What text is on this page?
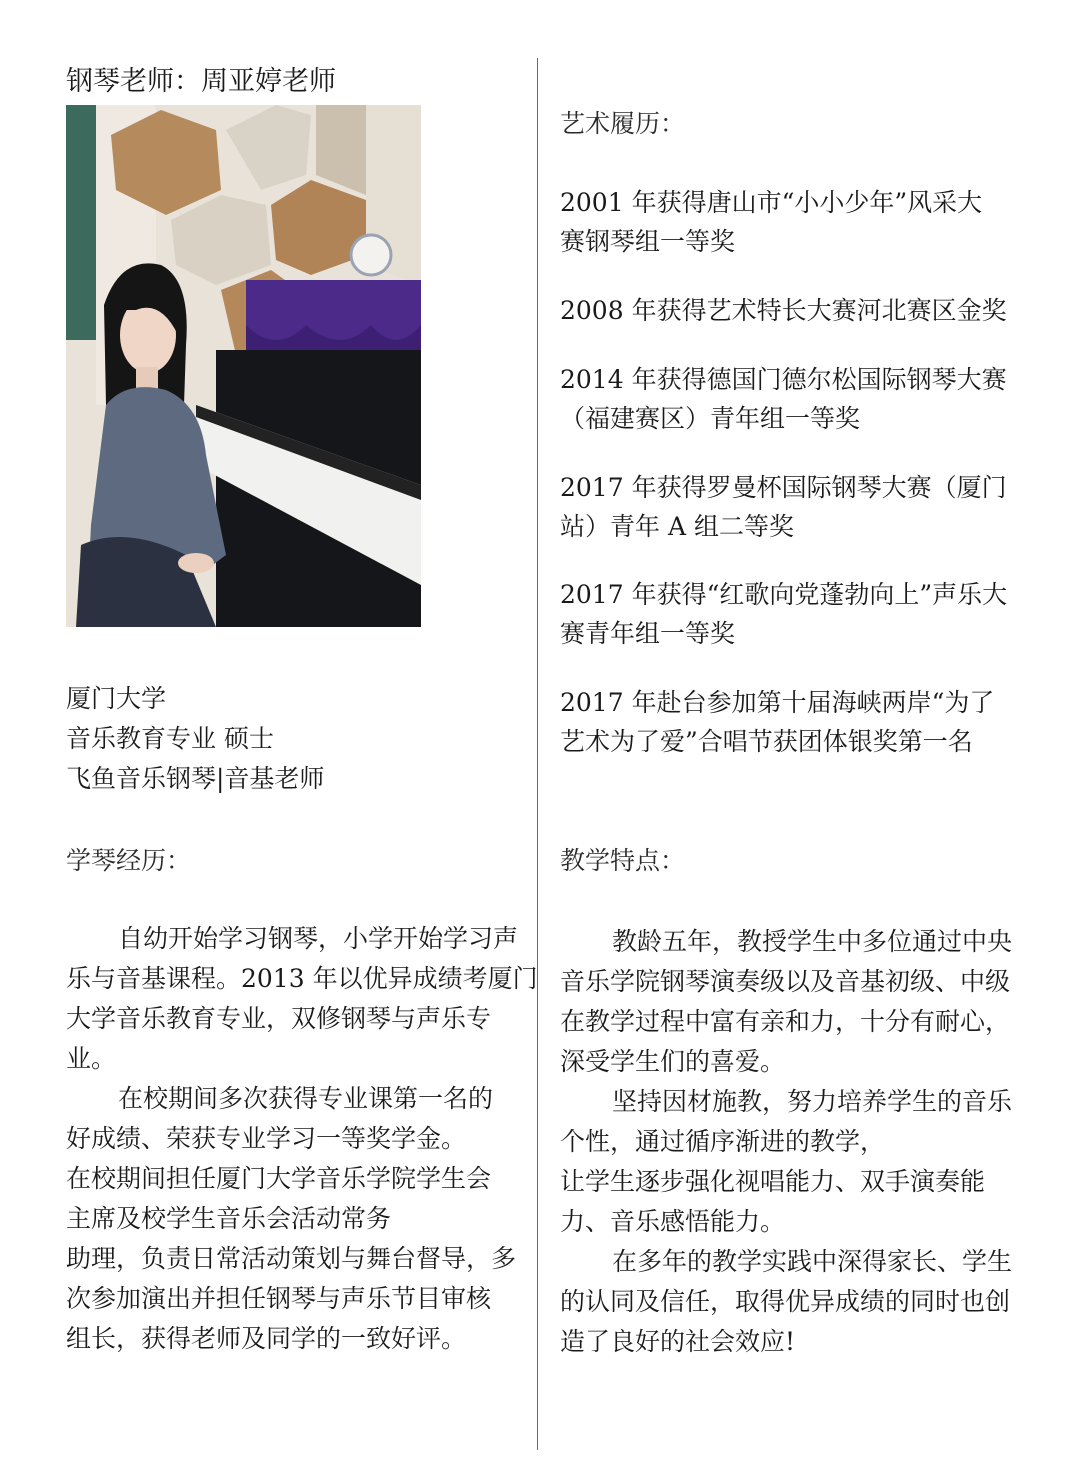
钢琴老师：周亚婷老师
厦门大学
音乐教育专业 硕士
飞鱼音乐钢琴|音基老师
学琴经历：
自幼开始学习钢琴，小学开始学习声
乐与音基课程。2013 年以优异成绩考厦门
大学音乐教育专业，双修钢琴与声乐专
业。
在校期间多次获得专业课第一名的
好成绩、荣获专业学习一等奖学金。
在校期间担任厦门大学音乐学院学生会
主席及校学生音乐会活动常务
助理，负责日常活动策划与舞台督导，多
次参加演出并担任钢琴与声乐节目审核
组长，获得老师及同学的一致好评。
艺术履历：
2001 年获得唐山市“小小少年”风采大
赛钢琴组一等奖
2008 年获得艺术特长大赛河北赛区金奖
2014 年获得德国门德尔松国际钢琴大赛
（福建赛区）青年组一等奖
2017 年获得罗曼杯国际钢琴大赛（厦门
站）青年 A 组二等奖
2017 年获得“红歌向党蓬勃向上”声乐大
赛青年组一等奖
2017 年赴台参加第十届海峡两岸“为了
艺术为了爱”合唱节获团体银奖第一名
教学特点：
教龄五年，教授学生中多位通过中央
音乐学院钢琴演奏级以及音基初级、中级
在教学过程中富有亲和力，十分有耐心，
深受学生们的喜爱。
坚持因材施教，努力培养学生的音乐
个性，通过循序渐进的教学，
让学生逐步强化视唱能力、双手演奏能
力、音乐感悟能力。
在多年的教学实践中深得家长、学生
的认同及信任，取得优异成绩的同时也创
造了良好的社会效应!
